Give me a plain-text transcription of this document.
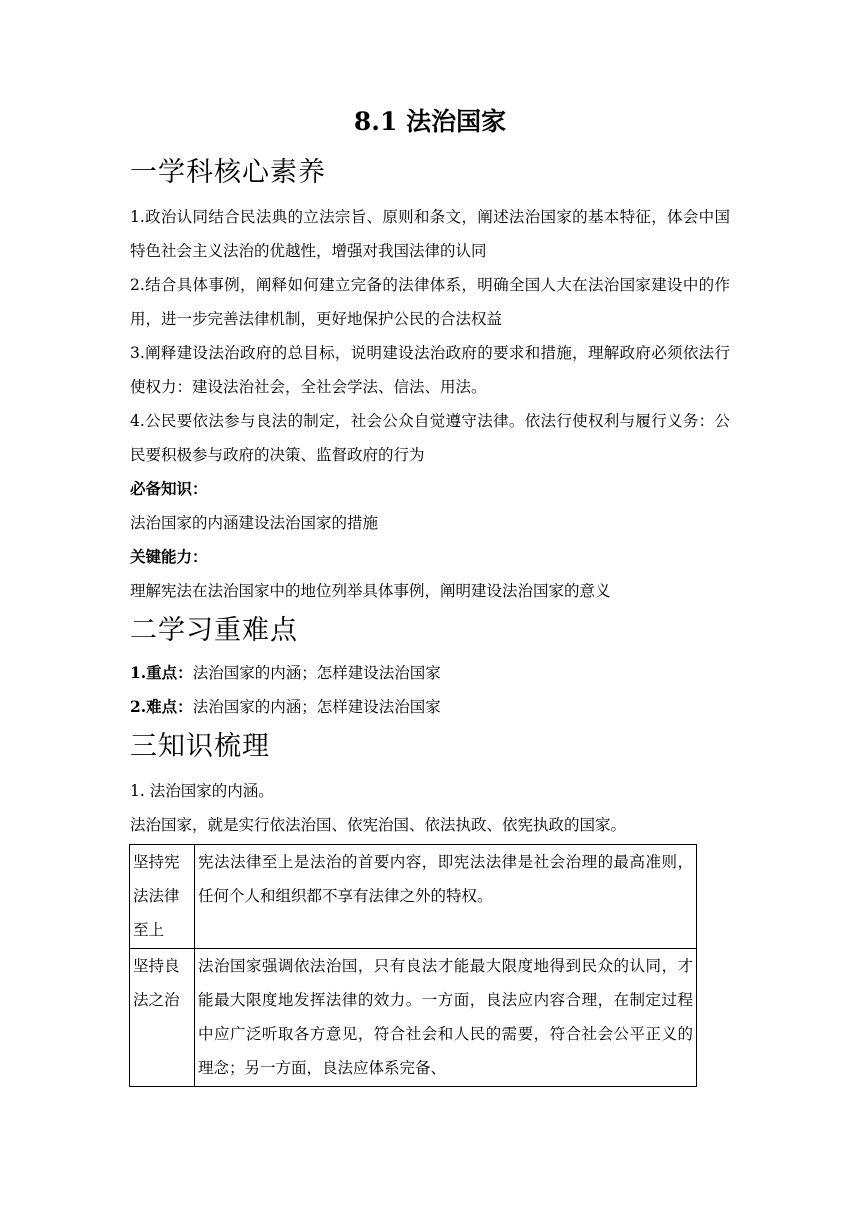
8.1 法治国家
一学科核心素养
1.政治认同结合民法典的立法宗旨、原则和条文，阐述法治国家的基本特征，体会中国特色社会主义法治的优越性，增强对我国法律的认同
2.结合具体事例，阐释如何建立完备的法律体系，明确全国人大在法治国家建设中的作用，进一步完善法律机制，更好地保护公民的合法权益
3.阐释建设法治政府的总目标，说明建设法治政府的要求和措施，理解政府必须依法行使权力：建设法治社会，全社会学法、信法、用法。
4.公民要依法参与良法的制定，社会公众自觉遵守法律。依法行使权利与履行义务：公民要积极参与政府的决策、监督政府的行为
必备知识：
法治国家的内涵建设法治国家的措施
关键能力：
理解宪法在法治国家中的地位列举具体事例，阐明建设法治国家的意义
二学习重难点
1.重点：法治国家的内涵；怎样建设法治国家
2.难点：法治国家的内涵；怎样建设法治国家
三知识梳理
1. 法治国家的内涵。
法治国家，就是实行依法治国、依宪治国、依法执政、依宪执政的国家。
坚持宪法法律至上	宪法法律至上是法治的首要内容，即宪法法律是社会治理的最高准则，任何个人和组织都不享有法律之外的特权。
坚持良法之治	法治国家强调依法治国，只有良法才能最大限度地得到民众的认同，才能最大限度地发挥法律的效力。一方面，良法应内容合理，在制定过程中应广泛听取各方意见，符合社会和人民的需要，符合社会公平正义的理念；另一方面，良法应体系完备、
